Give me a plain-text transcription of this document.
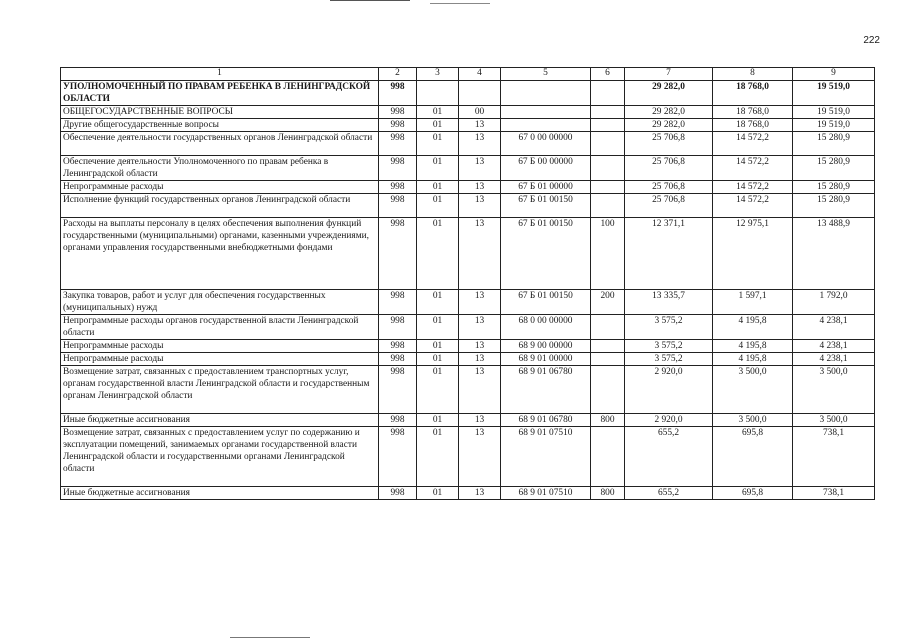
222
1	2	3	4	5	6	7	8	9
УПОЛНОМОЧЕННЫЙ ПО ПРАВАМ РЕБЕНКА В ЛЕНИНГРАДСКОЙ ОБЛАСТИ	998					29 282,0	18 768,0	19 519,0
ОБЩЕГОСУДАРСТВЕННЫЕ ВОПРОСЫ	998	01	00			29 282,0	18 768,0	19 519,0
Другие общегосударственные вопросы	998	01	13			29 282,0	18 768,0	19 519,0
Обеспечение деятельности государственных органов Ленинградской области	998	01	13	67 0 00 00000		25 706,8	14 572,2	15 280,9
Обеспечение деятельности Уполномоченного по правам ребенка в Ленинградской области	998	01	13	67 Б 00 00000		25 706,8	14 572,2	15 280,9
Непрограммные расходы	998	01	13	67 Б 01 00000		25 706,8	14 572,2	15 280,9
Исполнение функций государственных органов Ленинградской области	998	01	13	67 Б 01 00150		25 706,8	14 572,2	15 280,9
Расходы на выплаты персоналу в целях обеспечения выполнения функций государственными (муниципальными) органами, казенными учреждениями, органами управления государственными внебюджетными фондами	998	01	13	67 Б 01 00150	100	12 371,1	12 975,1	13 488,9
Закупка товаров, работ и услуг для обеспечения государственных (муниципальных) нужд	998	01	13	67 Б 01 00150	200	13 335,7	1 597,1	1 792,0
Непрограммные расходы органов государственной власти Ленинградской области	998	01	13	68 0 00 00000		3 575,2	4 195,8	4 238,1
Непрограммные расходы	998	01	13	68 9 00 00000		3 575,2	4 195,8	4 238,1
Непрограммные расходы	998	01	13	68 9 01 00000		3 575,2	4 195,8	4 238,1
Возмещение затрат, связанных с предоставлением транспортных услуг, органам государственной власти Ленинградской области и государственным органам Ленинградской области	998	01	13	68 9 01 06780		2 920,0	3 500,0	3 500,0
Иные бюджетные ассигнования	998	01	13	68 9 01 06780	800	2 920,0	3 500,0	3 500,0
Возмещение затрат, связанных с предоставлением услуг по содержанию и эксплуатации помещений, занимаемых органами государственной власти Ленинградской области и государственными органами Ленинградской области	998	01	13	68 9 01 07510		655,2	695,8	738,1
Иные бюджетные ассигнования	998	01	13	68 9 01 07510	800	655,2	695,8	738,1
